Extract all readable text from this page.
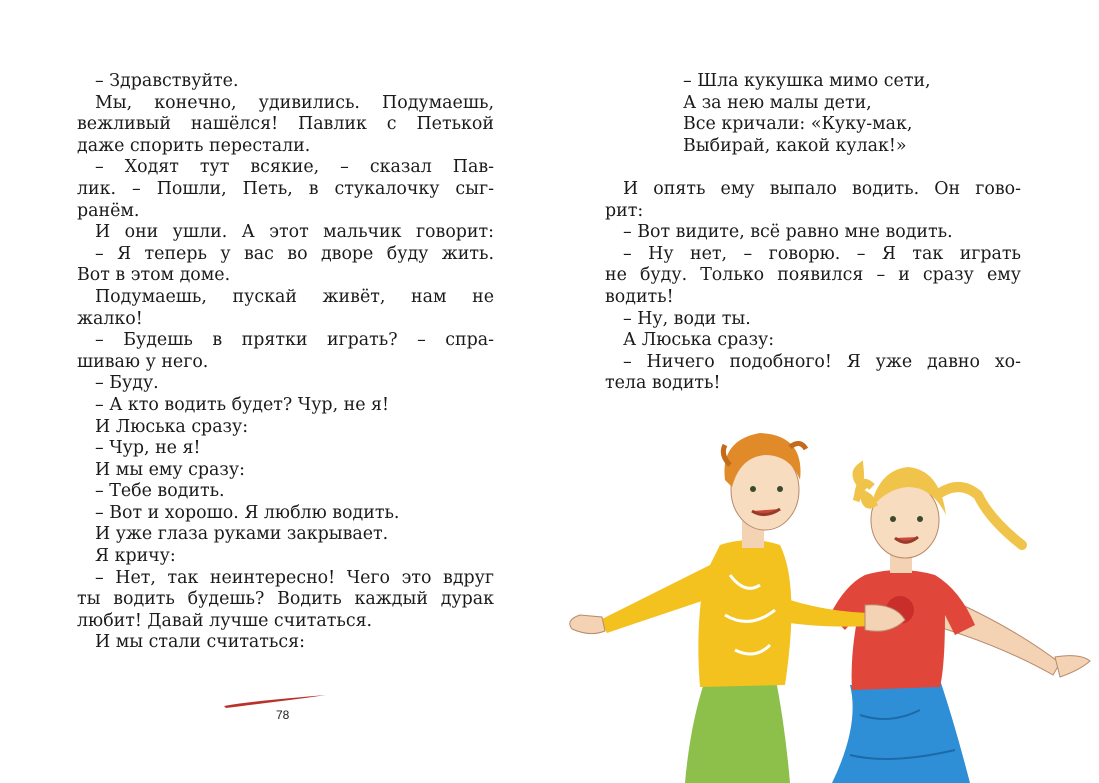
– Здравствуйте.
Мы, конечно, удивились. Подумаешь,
вежливый нашёлся! Павлик с Петькой
даже спорить перестали.
– Ходят тут всякие, – сказал Пав-
лик. – Пошли, Петь, в стукалочку сыг-
ранём.
И они ушли. А этот мальчик говорит:
– Я теперь у вас во дворе буду жить.
Вот в этом доме.
Подумаешь, пускай живёт, нам не
жалко!
– Будешь в прятки играть? – спра-
шиваю у него.
– Буду.
– А кто водить будет? Чур, не я!
И Люська сразу:
– Чур, не я!
И мы ему сразу:
– Тебе водить.
– Вот и хорошо. Я люблю водить.
И уже глаза руками закрывает.
Я кричу:
– Нет, так неинтересно! Чего это вдруг
ты водить будешь? Водить каждый дурак
любит! Давай лучше считаться.
И мы стали считаться:
– Шла кукушка мимо сети,
А за нею малы дети,
Все кричали: «Куку-мак,
Выбирай, какой кулак!»
И опять ему выпало водить. Он гово-
рит:
– Вот видите, всё равно мне водить.
– Ну нет, – говорю. – Я так играть
не буду. Только появился – и сразу ему
водить!
– Ну, води ты.
А Люська сразу:
– Ничего подобного! Я уже давно хо-
тела водить!
78
